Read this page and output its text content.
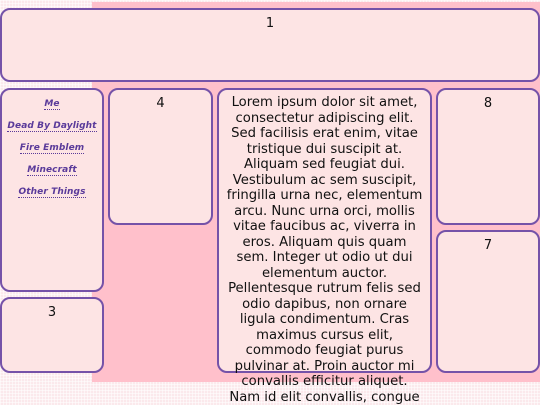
1
Me
Dead By Daylight
Fire Emblem
Minecraft
Other Things
3
4	Lorem ipsum dolor sit amet, consectetur adipiscing elit. Sed facilisis erat enim, vitae tristique dui suscipit at. Aliquam sed feugiat dui. Vestibulum ac sem suscipit, fringilla urna nec, elementum arcu. Nunc urna orci, mollis vitae faucibus ac, viverra in eros. Aliquam quis quam sem. Integer ut odio ut dui elementum auctor. Pellentesque rutrum felis sed odio dapibus, non ornare ligula condimentum. Cras maximus cursus elit, commodo feugiat purus pulvinar at. Proin auctor mi convallis efficitur aliquet. Nam id elit convallis, congue
8
7
